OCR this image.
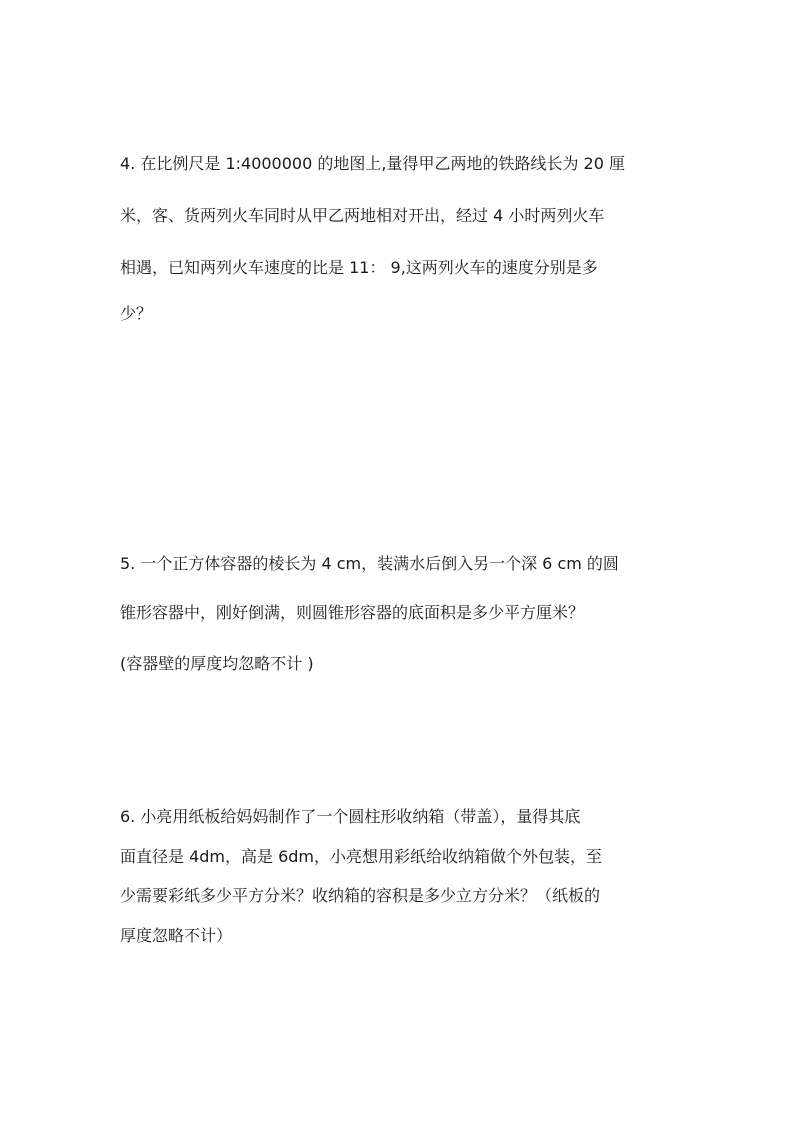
4. 在比例尺是 1:4000000 的地图上,量得甲乙两地的铁路线长为 20 厘
米，客、货两列火车同时从甲乙两地相对开出，经过 4 小时两列火车
相遇，已知两列火车速度的比是 11： 9,这两列火车的速度分别是多
少？
5. 一个正方体容器的棱长为 4 cm，装满水后倒入另一个深 6 cm 的圆
锥形容器中，刚好倒满，则圆锥形容器的底面积是多少平方厘米？
(容器壁的厚度均忽略不计 )
6. 小亮用纸板给妈妈制作了一个圆柱形收纳箱（带盖），量得其底
面直径是 4dm，高是 6dm，小亮想用彩纸给收纳箱做个外包装，至
少需要彩纸多少平方分米？收纳箱的容积是多少立方分米？（纸板的
厚度忽略不计）
